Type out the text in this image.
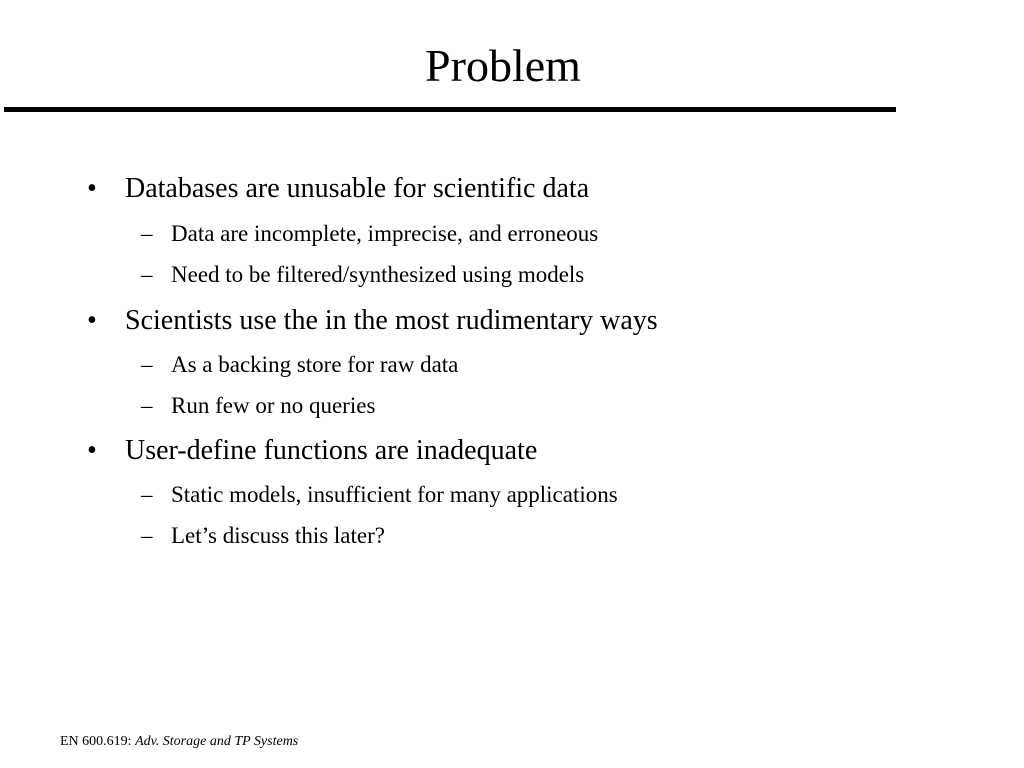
Problem
• Databases are unusable for scientific data
– Data are incomplete, imprecise, and erroneous
– Need to be filtered/synthesized using models
• Scientists use the in the most rudimentary ways
– As a backing store for raw data
– Run few or no queries
• User-define functions are inadequate
– Static models, insufficient for many applications
– Let’s discuss this later?
EN 600.619: Adv. Storage and TP Systems
